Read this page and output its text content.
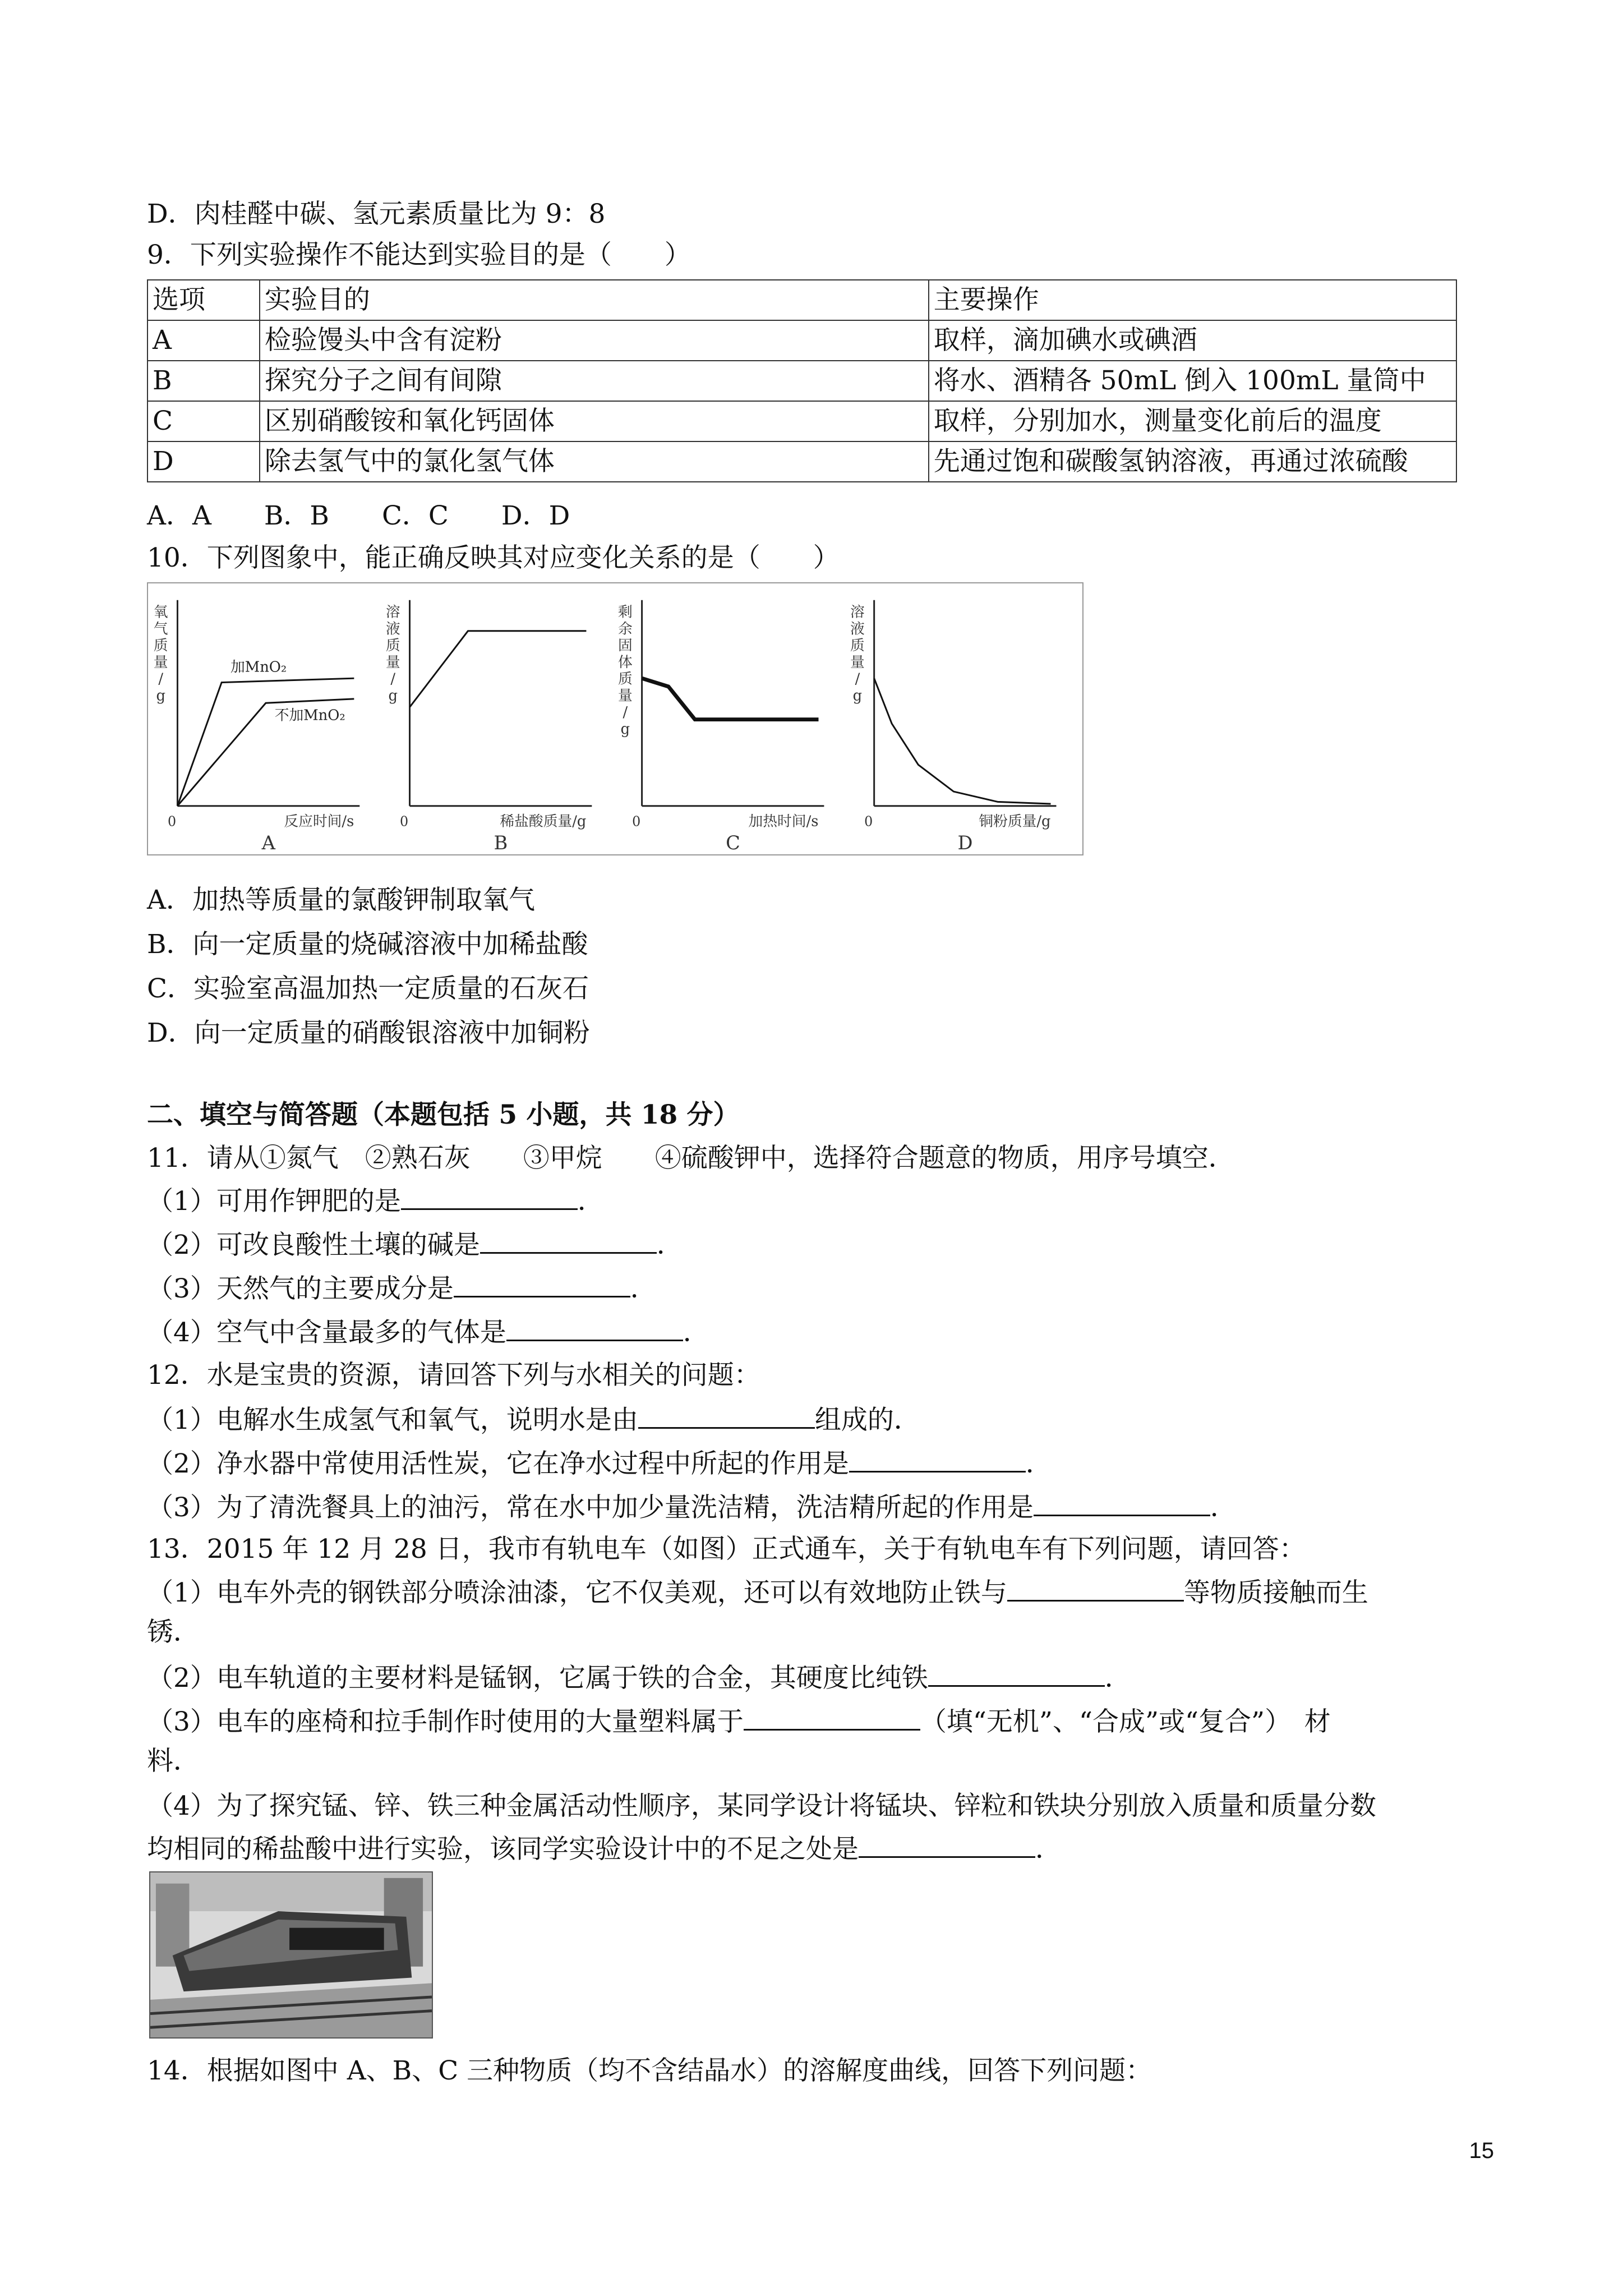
D．肉桂醛中碳、氢元素质量比为 9：8
9．下列实验操作不能达到实验目的是（　　）
选项	实验目的	主要操作
A	检验馒头中含有淀粉	取样，滴加碘水或碘酒
B	探究分子之间有间隙	将水、酒精各 50mL 倒入 100mL 量筒中
C	区别硝酸铵和氧化钙固体	取样，分别加水，测量变化前后的温度
D	除去氢气中的氯化氢气体	先通过饱和碳酸氢钠溶液，再通过浓硫酸
A．A　　B．B　　C．C　　D．D
10．下列图象中，能正确反映其对应变化关系的是（　　）
0
氧气质量/ g
反应时间/s
A
加MnO₂
不加MnO₂
0
溶液质量/ g
稀盐酸质量/g
B
0
剩余固体质量/ g
加热时间/s
C
0
溶液质量/ g
铜粉质量/g
D
A．加热等质量的氯酸钾制取氧气
B．向一定质量的烧碱溶液中加稀盐酸
C．实验室高温加热一定质量的石灰石
D．向一定质量的硝酸银溶液中加铜粉
二、填空与简答题（本题包括 5 小题，共 18 分）
11．请从①氮气　②熟石灰　　③甲烷　　④硫酸钾中，选择符合题意的物质，用序号填空．
（1）可用作钾肥的是	．
（2）可改良酸性土壤的碱是	．
（3）天然气的主要成分是	．
（4）空气中含量最多的气体是	．
12．水是宝贵的资源，请回答下列与水相关的问题：
（1）电解水生成氢气和氧气，说明水是由	组成的．
（2）净水器中常使用活性炭，它在净水过程中所起的作用是	．
（3）为了清洗餐具上的油污，常在水中加少量洗洁精，洗洁精所起的作用是	．
13．2015 年 12 月 28 日，我市有轨电车（如图）正式通车，关于有轨电车有下列问题，请回答：
（1）电车外壳的钢铁部分喷涂油漆，它不仅美观，还可以有效地防止铁与	等物质接触而生
锈．
（2）电车轨道的主要材料是锰钢，它属于铁的合金，其硬度比纯铁	．
（3）电车的座椅和拉手制作时使用的大量塑料属于	（填“无机”、“合成”或“复合”）　材
料．
（4）为了探究锰、锌、铁三种金属活动性顺序，某同学设计将锰块、锌粒和铁块分别放入质量和质量分数
均相同的稀盐酸中进行实验，该同学实验设计中的不足之处是	．
14．根据如图中 A、B、C 三种物质（均不含结晶水）的溶解度曲线，回答下列问题：
15
